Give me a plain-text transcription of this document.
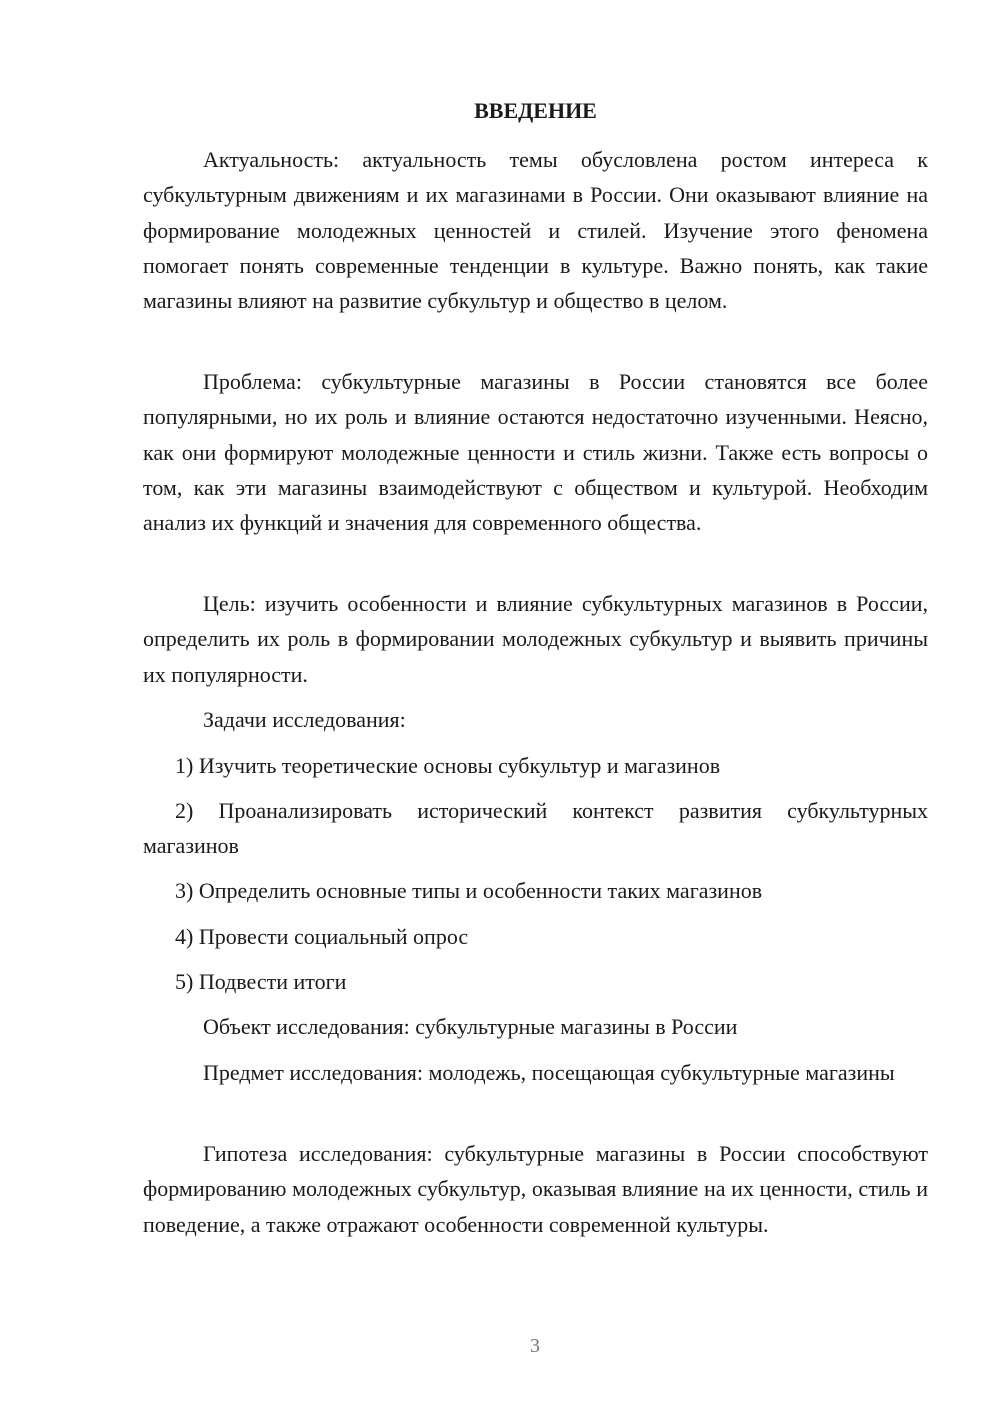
ВВЕДЕНИЕ

Актуальность: актуальность темы обусловлена ростом интереса к субкультурным движениям и их магазинами в России. Они оказывают влияние на формирование молодежных ценностей и стилей. Изучение этого феномена помогает понять современные тенденции в культуре. Важно понять, как такие магазины влияют на развитие субкультур и общество в целом.

Проблема: субкультурные магазины в России становятся все более популярными, но их роль и влияние остаются недостаточно изученными. Неясно, как они формируют молодежные ценности и стиль жизни. Также есть вопросы о том, как эти магазины взаимодействуют с обществом и культурой. Необходим анализ их функций и значения для современного общества.

Цель: изучить особенности и влияние субкультурных магазинов в России, определить их роль в формировании молодежных субкультур и выявить причины их популярности.

Задачи исследования:

1) Изучить теоретические основы субкультур и магазинов

2) Проанализировать исторический контекст развития субкультурных магазинов

3) Определить основные типы и особенности таких магазинов

4) Провести социальный опрос

5) Подвести итоги

Объект исследования: субкультурные магазины в России

Предмет исследования: молодежь, посещающая субкультурные магазины

Гипотеза исследования: субкультурные магазины в России способствуют формированию молодежных субкультур, оказывая влияние на их ценности, стиль и поведение, а также отражают особенности современной культуры.

3
